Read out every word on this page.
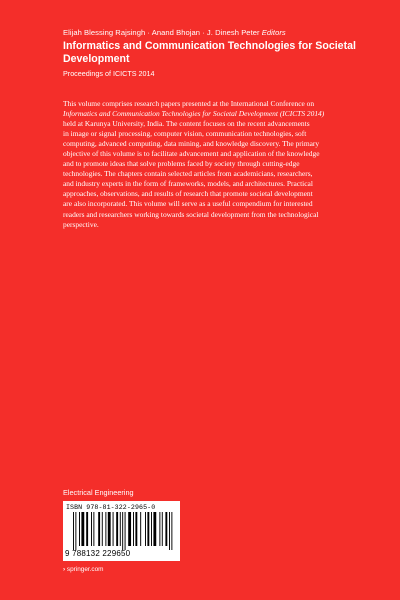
Elijah Blessing Rajsingh · Anand Bhojan · J. Dinesh Peter Editors
Informatics and Communication Technologies for Societal Development
Proceedings of ICICTS 2014
This volume comprises research papers presented at the International Conference on
Informatics and Communication Technologies for Societal Development (ICICTS 2014)
held at Karunya University, India. The content focuses on the recent advancements
in image or signal processing, computer vision, communication technologies, soft
computing, advanced computing, data mining, and knowledge discovery. The primary
objective of this volume is to facilitate advancement and application of the knowledge
and to promote ideas that solve problems faced by society through cutting-edge
technologies. The chapters contain selected articles from academicians, researchers,
and industry experts in the form of frameworks, models, and architectures. Practical
approaches, observations, and results of research that promote societal development
are also incorporated. This volume will serve as a useful compendium for interested
readers and researchers working towards societal development from the technological
perspective.
Electrical Engineering
ISBN 978-81-322-2965-0
9 788132 229650
› springer.com
